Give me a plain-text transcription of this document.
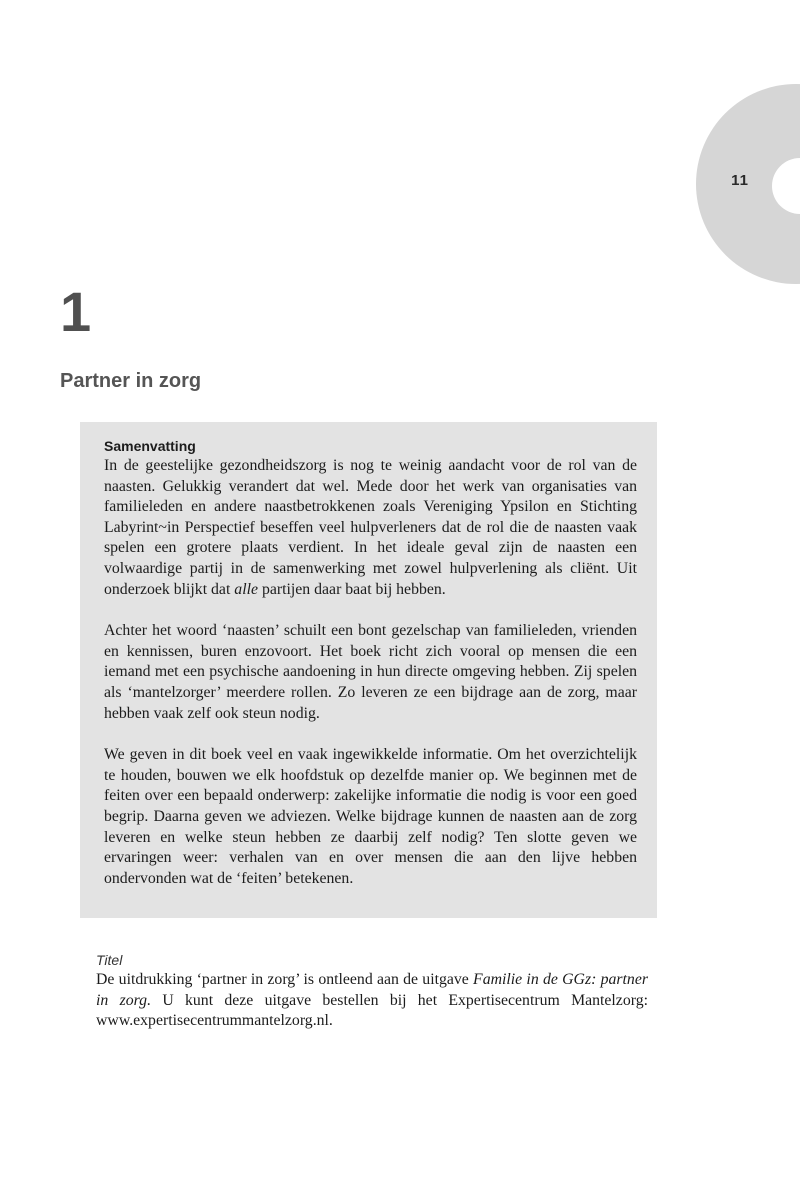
11
1
Partner in zorg
Samenvatting

In de geestelijke gezondheidszorg is nog te weinig aandacht voor de rol van de naasten. Gelukkig verandert dat wel. Mede door het werk van organisaties van familieleden en andere naastbetrokkenen zoals Vereniging Ypsilon en Stichting Labyrint~in Perspectief beseffen veel hulpverleners dat de rol die de naasten vaak spelen een grotere plaats verdient. In het ideale geval zijn de naasten een volwaardige partij in de samenwerking met zowel hulpverlening als cliënt. Uit onderzoek blijkt dat alle partijen daar baat bij hebben.

Achter het woord ‘naasten’ schuilt een bont gezelschap van familieleden, vrienden en kennissen, buren enzovoort. Het boek richt zich vooral op mensen die een iemand met een psychische aandoening in hun directe omgeving hebben. Zij spelen als ‘mantelzorger’ meerdere rollen. Zo leveren ze een bijdrage aan de zorg, maar hebben vaak zelf ook steun nodig.

We geven in dit boek veel en vaak ingewikkelde informatie. Om het overzichtelijk te houden, bouwen we elk hoofdstuk op dezelfde manier op. We beginnen met de feiten over een bepaald onderwerp: zakelijke informatie die nodig is voor een goed begrip. Daarna geven we adviezen. Welke bijdrage kunnen de naasten aan de zorg leveren en welke steun hebben ze daarbij zelf nodig? Ten slotte geven we ervaringen weer: verhalen van en over mensen die aan den lijve hebben ondervonden wat de ‘feiten’ betekenen.

Titel

De uitdrukking ‘partner in zorg’ is ontleend aan de uitgave Familie in de GGz: partner in zorg. U kunt deze uitgave bestellen bij het Expertisecentrum Mantelzorg: www.expertisecentrummantelzorg.nl.
